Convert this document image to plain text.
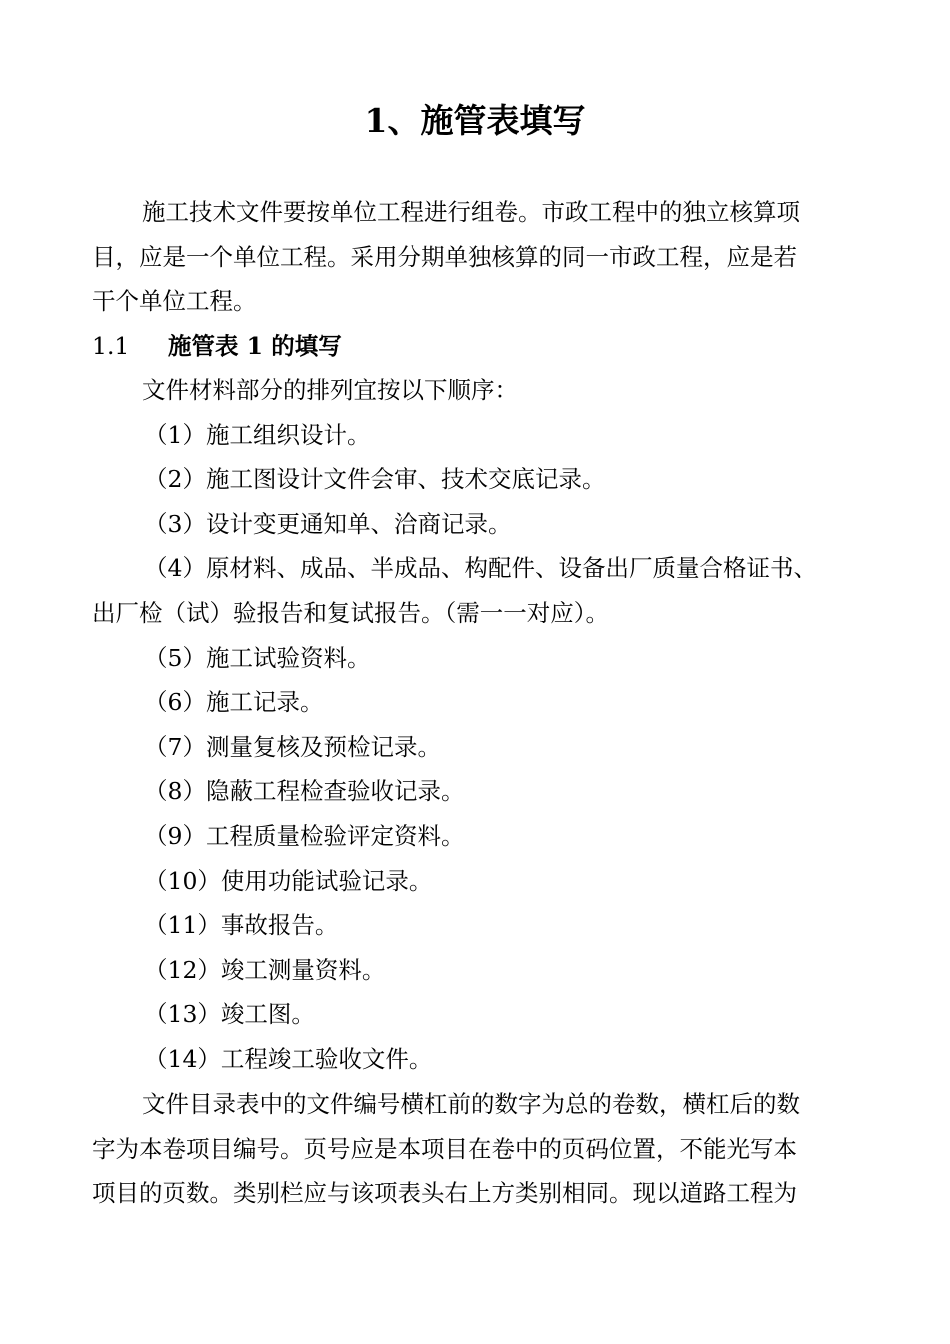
1、施管表填写

施工技术文件要按单位工程进行组卷。市政工程中的独立核算项

目，应是一个单位工程。采用分期单独核算的同一市政工程，应是若

干个单位工程。

1.1	施管表 1 的填写

文件材料部分的排列宜按以下顺序：

（1）施工组织设计。

（2）施工图设计文件会审、技术交底记录。

（3）设计变更通知单、洽商记录。

（4）原材料、成品、半成品、构配件、设备出厂质量合格证书、

出厂检（试）验报告和复试报告。（需一一对应）。

（5）施工试验资料。

（6）施工记录。

（7）测量复核及预检记录。

（8）隐蔽工程检查验收记录。

（9）工程质量检验评定资料。

（10）使用功能试验记录。

（11）事故报告。

（12）竣工测量资料。

（13）竣工图。

（14）工程竣工验收文件。

文件目录表中的文件编号横杠前的数字为总的卷数，横杠后的数

字为本卷项目编号。页号应是本项目在卷中的页码位置，不能光写本

项目的页数。类别栏应与该项表头右上方类别相同。现以道路工程为
